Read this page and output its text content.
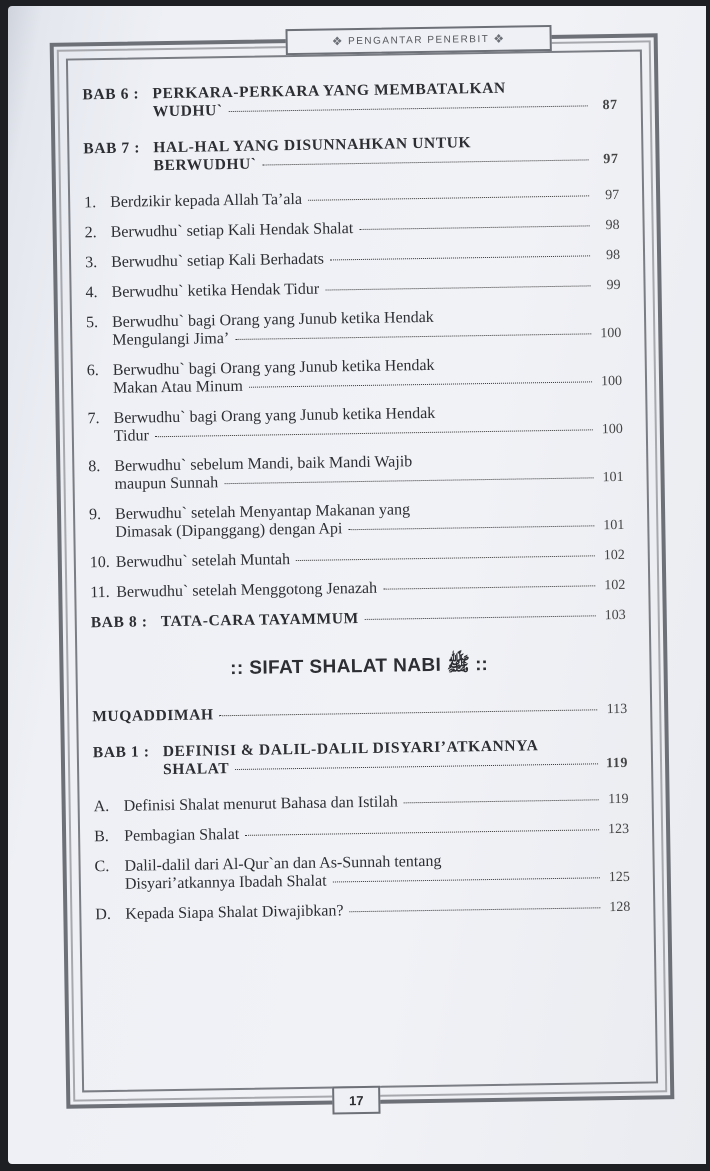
❖ PENGANTAR PENERBIT ❖
BAB 6 : PERKARA-PERKARA YANG MEMBATALKAN
WUDHU`	87
BAB 7 : HAL-HAL YANG DISUNNAHKAN UNTUK
BERWUDHU`	97
1. Berdzikir kepada Allah Ta’ala	97
2. Berwudhu` setiap Kali Hendak Shalat	98
3. Berwudhu` setiap Kali Berhadats	98
4. Berwudhu` ketika Hendak Tidur	99
5. Berwudhu` bagi Orang yang Junub ketika Hendak
Mengulangi Jima’	100
6. Berwudhu` bagi Orang yang Junub ketika Hendak
Makan Atau Minum	100
7. Berwudhu` bagi Orang yang Junub ketika Hendak
Tidur	100
8. Berwudhu` sebelum Mandi, baik Mandi Wajib
maupun Sunnah	101
9. Berwudhu` setelah Menyantap Makanan yang
Dimasak (Dipanggang) dengan Api	101
10. Berwudhu` setelah Muntah	102
11. Berwudhu` setelah Menggotong Jenazah	102
BAB 8 : TATA-CARA TAYAMMUM	103
:: SIFAT SHALAT NABI ﷺ ::
MUQADDIMAH	113
BAB 1 : DEFINISI & DALIL-DALIL DISYARI’ATKANNYA
SHALAT	119
A. Definisi Shalat menurut Bahasa dan Istilah	119
B. Pembagian Shalat	123
C. Dalil-dalil dari Al-Qur`an dan As-Sunnah tentang
Disyari’atkannya Ibadah Shalat	125
D. Kepada Siapa Shalat Diwajibkan?	128
17
